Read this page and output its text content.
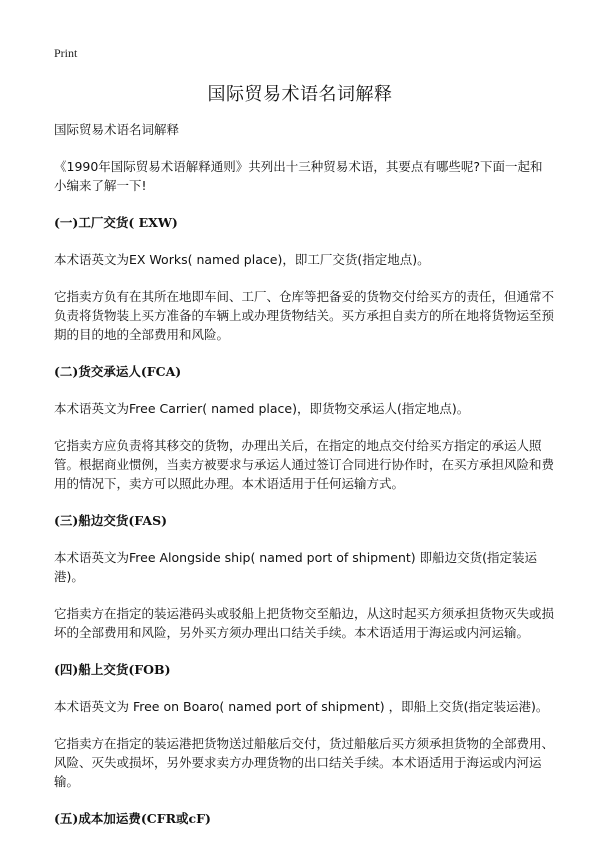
Print
国际贸易术语名词解释

国际贸易术语名词解释

《1990年国际贸易术语解释通则》共列出十三种贸易术语，其要点有哪些呢?下面一起和小编来了解一下!

(一)工厂交货( EXW)

本术语英文为EX Works( named place)，即工厂交货(指定地点)。

它指卖方负有在其所在地即车间、工厂、仓库等把备妥的货物交付给买方的责任，但通常不负责将货物装上买方准备的车辆上或办理货物结关。买方承担自卖方的所在地将货物运至预期的目的地的全部费用和风险。

(二)货交承运人(FCA)

本术语英文为Free Carrier( named place)，即货物交承运人(指定地点)。

它指卖方应负责将其移交的货物，办理出关后，在指定的地点交付给买方指定的承运人照管。根据商业惯例，当卖方被要求与承运人通过签订合同进行协作时，在买方承担风险和费用的情况下，卖方可以照此办理。本术语适用于任何运输方式。

(三)船边交货(FAS)

本术语英文为Free Alongside ship( named port of shipment) 即船边交货(指定装运港)。

它指卖方在指定的装运港码头或驳船上把货物交至船边，从这时起买方须承担货物灭失或损坏的全部费用和风险，另外买方须办理出口结关手续。本术语适用于海运或内河运输。

(四)船上交货(FOB)

本术语英文为 Free on Boaro( named port of shipment) ，即船上交货(指定装运港)。

它指卖方在指定的装运港把货物送过船舷后交付，货过船舷后买方须承担货物的全部费用、风险、灭失或损坏，另外要求卖方办理货物的出口结关手续。本术语适用于海运或内河运输。

(五)成本加运费(CFR或cF)
